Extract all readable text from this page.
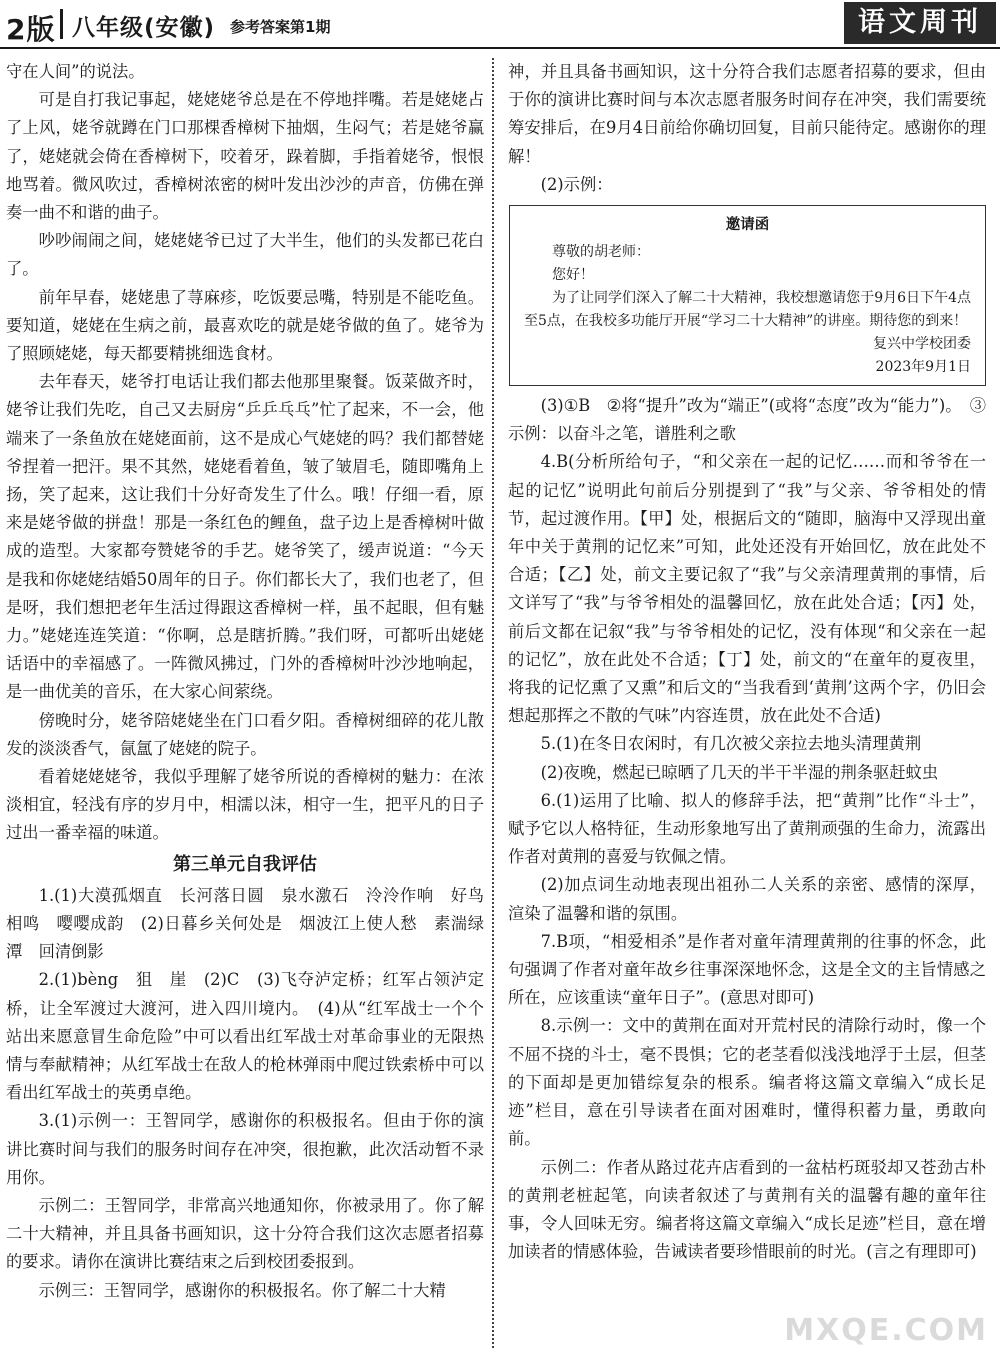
2版 八年级(安徽) 参考答案第1期	语文周刊

守在人间”的说法。

可是自打我记事起，姥姥姥爷总是在不停地拌嘴。若是姥姥占了上风，姥爷就蹲在门口那棵香樟树下抽烟，生闷气；若是姥爷赢了，姥姥就会倚在香樟树下，咬着牙，跺着脚，手指着姥爷，恨恨地骂着。微风吹过，香樟树浓密的树叶发出沙沙的声音，仿佛在弹奏一曲不和谐的曲子。

吵吵闹闹之间，姥姥姥爷已过了大半生，他们的头发都已花白了。

前年早春，姥姥患了荨麻疹，吃饭要忌嘴，特别是不能吃鱼。要知道，姥姥在生病之前，最喜欢吃的就是姥爷做的鱼了。姥爷为了照顾姥姥，每天都要精挑细选食材。

去年春天，姥爷打电话让我们都去他那里聚餐。饭菜做齐时，姥爷让我们先吃，自己又去厨房“乒乒乓乓”忙了起来，不一会，他端来了一条鱼放在姥姥面前，这不是成心气姥姥的吗？我们都替姥爷捏着一把汗。果不其然，姥姥看着鱼，皱了皱眉毛，随即嘴角上扬，笑了起来，这让我们十分好奇发生了什么。哦！仔细一看，原来是姥爷做的拼盘！那是一条红色的鲤鱼，盘子边上是香樟树叶做成的造型。大家都夸赞姥爷的手艺。姥爷笑了，缓声说道：“今天是我和你姥姥结婚50周年的日子。你们都长大了，我们也老了，但是呀，我们想把老年生活过得跟这香樟树一样，虽不起眼，但有魅力。”姥姥连连笑道：“你啊，总是瞎折腾。”我们呀，可都听出姥姥话语中的幸福感了。一阵微风拂过，门外的香樟树叶沙沙地响起，是一曲优美的音乐，在大家心间萦绕。

傍晚时分，姥爷陪姥姥坐在门口看夕阳。香樟树细碎的花儿散发的淡淡香气，氤氲了姥姥的院子。

看着姥姥姥爷，我似乎理解了姥爷所说的香樟树的魅力：在浓淡相宜，轻浅有序的岁月中，相濡以沫，相守一生，把平凡的日子过出一番幸福的味道。

第三单元自我评估

1.(1)大漠孤烟直　长河落日圆　泉水激石　泠泠作响　好鸟相鸣　嘤嘤成韵　(2)日暮乡关何处是　烟波江上使人愁　素湍绿潭　回清倒影

2.(1)bèng　狙　崖　(2)C　(3)飞夺泸定桥；红军占领泸定桥，让全军渡过大渡河，进入四川境内。　(4)从“红军战士一个个站出来愿意冒生命危险”中可以看出红军战士对革命事业的无限热情与奉献精神；从红军战士在敌人的枪林弹雨中爬过铁索桥中可以看出红军战士的英勇卓绝。

3.(1)示例一：王智同学，感谢你的积极报名。但由于你的演讲比赛时间与我们的服务时间存在冲突，很抱歉，此次活动暂不录用你。

示例二：王智同学，非常高兴地通知你，你被录用了。你了解二十大精神，并且具备书画知识，这十分符合我们这次志愿者招募的要求。请你在演讲比赛结束之后到校团委报到。

示例三：王智同学，感谢你的积极报名。你了解二十大精

神，并且具备书画知识，这十分符合我们志愿者招募的要求，但由于你的演讲比赛时间与本次志愿者服务时间存在冲突，我们需要统筹安排后，在9月4日前给你确切回复，目前只能待定。感谢你的理解！

(2)示例：

邀请函

尊敬的胡老师：

您好！

为了让同学们深入了解二十大精神，我校想邀请您于9月6日下午4点至5点，在我校多功能厅开展“学习二十大精神”的讲座。期待您的到来！

复兴中学校团委

2023年9月1日

(3)①B　②将“提升”改为“端正”(或将“态度”改为“能力”)。　③示例：以奋斗之笔，谱胜利之歌

4.B(分析所给句子，“和父亲在一起的记忆……而和爷爷在一起的记忆”说明此句前后分别提到了“我”与父亲、爷爷相处的情节，起过渡作用。【甲】处，根据后文的“随即，脑海中又浮现出童年中关于黄荆的记忆来”可知，此处还没有开始回忆，放在此处不合适；【乙】处，前文主要记叙了“我”与父亲清理黄荆的事情，后文详写了“我”与爷爷相处的温馨回忆，放在此处合适；【丙】处，前后文都在记叙“我”与爷爷相处的记忆，没有体现“和父亲在一起的记忆”，放在此处不合适；【丁】处，前文的“在童年的夏夜里，将我的记忆熏了又熏”和后文的“当我看到‘黄荆’这两个字，仍旧会想起那挥之不散的气味”内容连贯，放在此处不合适)

5.(1)在冬日农闲时，有几次被父亲拉去地头清理黄荆

(2)夜晚，燃起已晾晒了几天的半干半湿的荆条驱赶蚊虫

6.(1)运用了比喻、拟人的修辞手法，把“黄荆”比作“斗士”，赋予它以人格特征，生动形象地写出了黄荆顽强的生命力，流露出作者对黄荆的喜爱与钦佩之情。

(2)加点词生动地表现出祖孙二人关系的亲密、感情的深厚，渲染了温馨和谐的氛围。

7.B项，“相爱相杀”是作者对童年清理黄荆的往事的怀念，此句强调了作者对童年故乡往事深深地怀念，这是全文的主旨情感之所在，应该重读“童年日子”。(意思对即可)

8.示例一：文中的黄荆在面对开荒村民的清除行动时，像一个不屈不挠的斗士，毫不畏惧；它的老茎看似浅浅地浮于土层，但茎的下面却是更加错综复杂的根系。编者将这篇文章编入“成长足迹”栏目，意在引导读者在面对困难时，懂得积蓄力量，勇敢向前。

示例二：作者从路过花卉店看到的一盆枯朽斑驳却又苍劲古朴的黄荆老桩起笔，向读者叙述了与黄荆有关的温馨有趣的童年往事，令人回味无穷。编者将这篇文章编入“成长足迹”栏目，意在增加读者的情感体验，告诫读者要珍惜眼前的时光。(言之有理即可)

MXQE.COM
